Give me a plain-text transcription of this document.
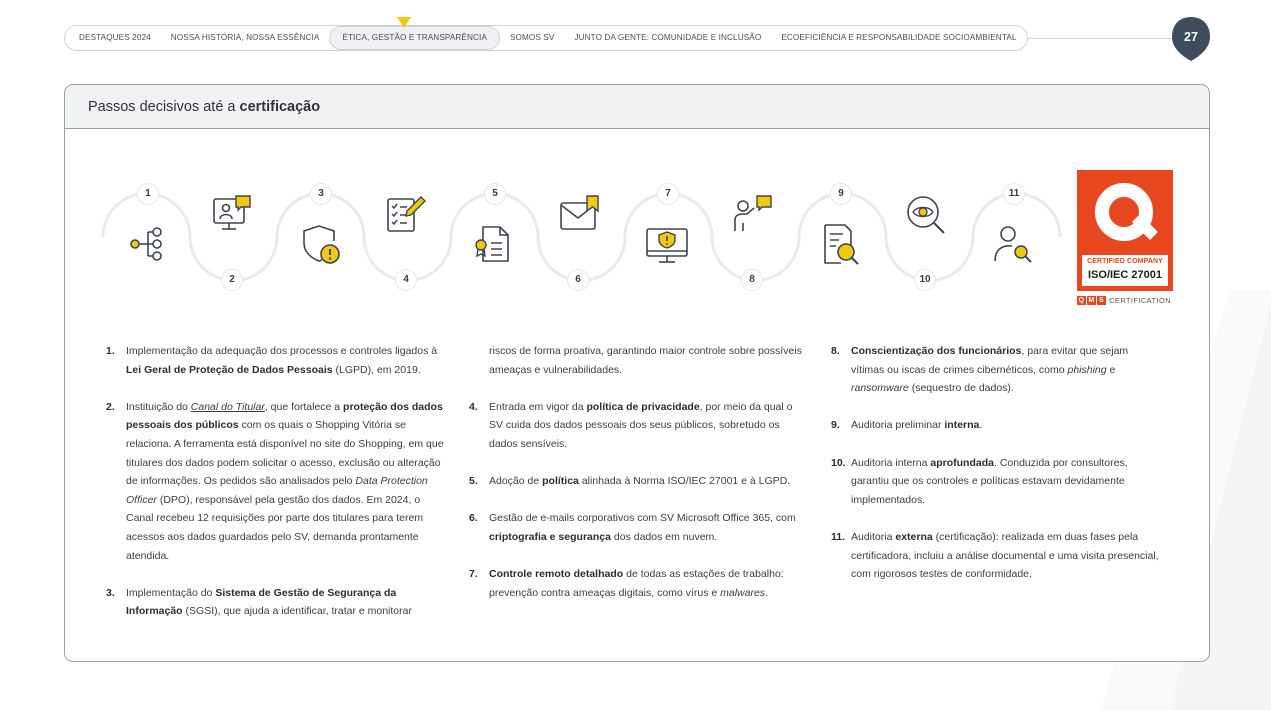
DESTAQUES 2024	NOSSA HISTÓRIA, NOSSA ESSÊNCIA	ÉTICA, GESTÃO E TRANSPARÊNCIA	SOMOS SV	JUNTO DA GENTE: COMUNIDADE E INCLUSÃO	ECOEFICIÊNCIA E RESPONSABILIDADE SOCIOAMBIENTAL	27
Passos decisivos até a certificação
1
2
3
4
5
6
7
8
9
10
11
CERTIFIED COMPANY
ISO/IEC 27001
Q M S CERTIFICATION
1.	Implementação da adequação dos processos e controles ligados à Lei Geral de Proteção de Dados Pessoais (LGPD), em 2019.
2.	Instituição do Canal do Titular, que fortalece a proteção dos dados pessoais dos públicos com os quais o Shopping Vitória se relaciona. A ferramenta está disponível no site do Shopping, em que titulares dos dados podem solicitar o acesso, exclusão ou alteração de informações. Os pedidos são analisados pelo Data Protection Officer (DPO), responsável pela gestão dos dados. Em 2024, o Canal recebeu 12 requisições por parte dos titulares para terem acessos aos dados guardados pelo SV, demanda prontamente atendida.
3.	Implementação do Sistema de Gestão de Segurança da Informação (SGSI), que ajuda a identificar, tratar e monitorar
riscos de forma proativa, garantindo maior controle sobre possíveis ameaças e vulnerabilidades.
4.	Entrada em vigor da política de privacidade, por meio da qual o SV cuida dos dados pessoais dos seus públicos, sobretudo os dados sensíveis.
5.	Adoção de política alinhada à Norma ISO/IEC 27001 e à LGPD.
6.	Gestão de e-mails corporativos com SV Microsoft Office 365, com criptografia e segurança dos dados em nuvem.
7.	Controle remoto detalhado de todas as estações de trabalho: prevenção contra ameaças digitais, como vírus e malwares.
8.	Conscientização dos funcionários, para evitar que sejam vítimas ou iscas de crimes cibernéticos, como phishing e ransomware (sequestro de dados).
9.	Auditoria preliminar interna.
10. Auditoria interna aprofundada. Conduzida por consultores, garantiu que os controles e políticas estavam devidamente implementados.
11. Auditoria externa (certificação): realizada em duas fases pela certificadora, incluiu a análise documental e uma visita presencial, com rigorosos testes de conformidade.
